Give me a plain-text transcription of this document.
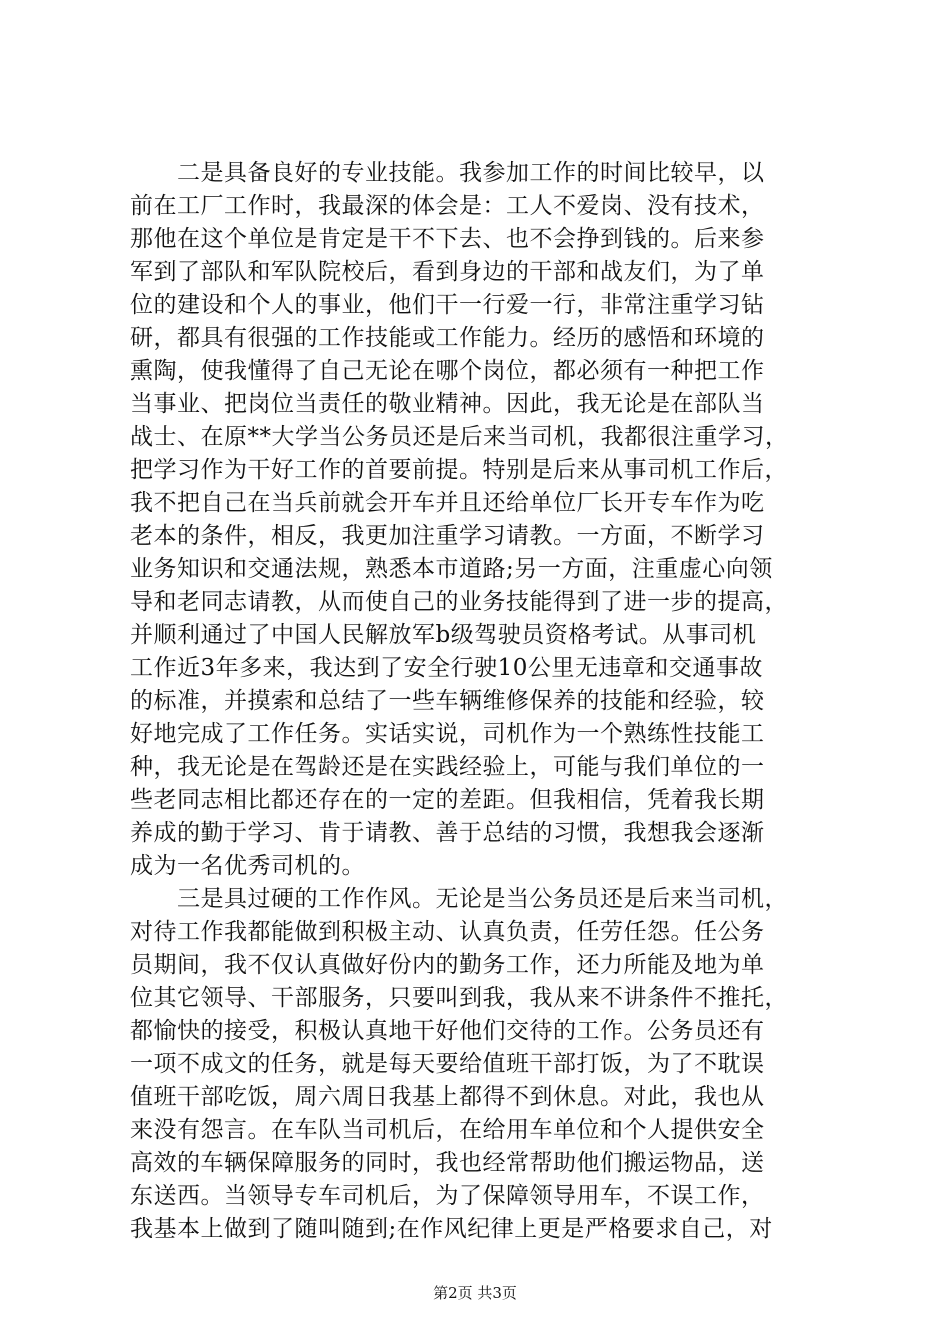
　　二是具备良好的专业技能。我参加工作的时间比较早，以
前在工厂工作时，我最深的体会是：工人不爱岗、没有技术，
那他在这个单位是肯定是干不下去、也不会挣到钱的。后来参
军到了部队和军队院校后，看到身边的干部和战友们，为了单
位的建设和个人的事业，他们干一行爱一行，非常注重学习钻
研，都具有很强的工作技能或工作能力。经历的感悟和环境的
熏陶，使我懂得了自己无论在哪个岗位，都必须有一种把工作
当事业、把岗位当责任的敬业精神。因此，我无论是在部队当
战士、在原**大学当公务员还是后来当司机，我都很注重学习，
把学习作为干好工作的首要前提。特别是后来从事司机工作后，
我不把自己在当兵前就会开车并且还给单位厂长开专车作为吃
老本的条件，相反，我更加注重学习请教。一方面，不断学习
业务知识和交通法规，熟悉本市道路;另一方面，注重虚心向领
导和老同志请教，从而使自己的业务技能得到了进一步的提高，
并顺利通过了中国人民解放军b级驾驶员资格考试。从事司机
工作近3年多来，我达到了安全行驶10公里无违章和交通事故
的标准，并摸索和总结了一些车辆维修保养的技能和经验，较
好地完成了工作任务。实话实说，司机作为一个熟练性技能工
种，我无论是在驾龄还是在实践经验上，可能与我们单位的一
些老同志相比都还存在的一定的差距。但我相信，凭着我长期
养成的勤于学习、肯于请教、善于总结的习惯，我想我会逐渐
成为一名优秀司机的。
　　三是具过硬的工作作风。无论是当公务员还是后来当司机，
对待工作我都能做到积极主动、认真负责，任劳任怨。任公务
员期间，我不仅认真做好份内的勤务工作，还力所能及地为单
位其它领导、干部服务，只要叫到我，我从来不讲条件不推托，
都愉快的接受，积极认真地干好他们交待的工作。公务员还有
一项不成文的任务，就是每天要给值班干部打饭，为了不耽误
值班干部吃饭，周六周日我基上都得不到休息。对此，我也从
来没有怨言。在车队当司机后，在给用车单位和个人提供安全
高效的车辆保障服务的同时，我也经常帮助他们搬运物品，送
东送西。当领导专车司机后，为了保障领导用车，不误工作，
我基本上做到了随叫随到;在作风纪律上更是严格要求自己，对
第2页 共3页
